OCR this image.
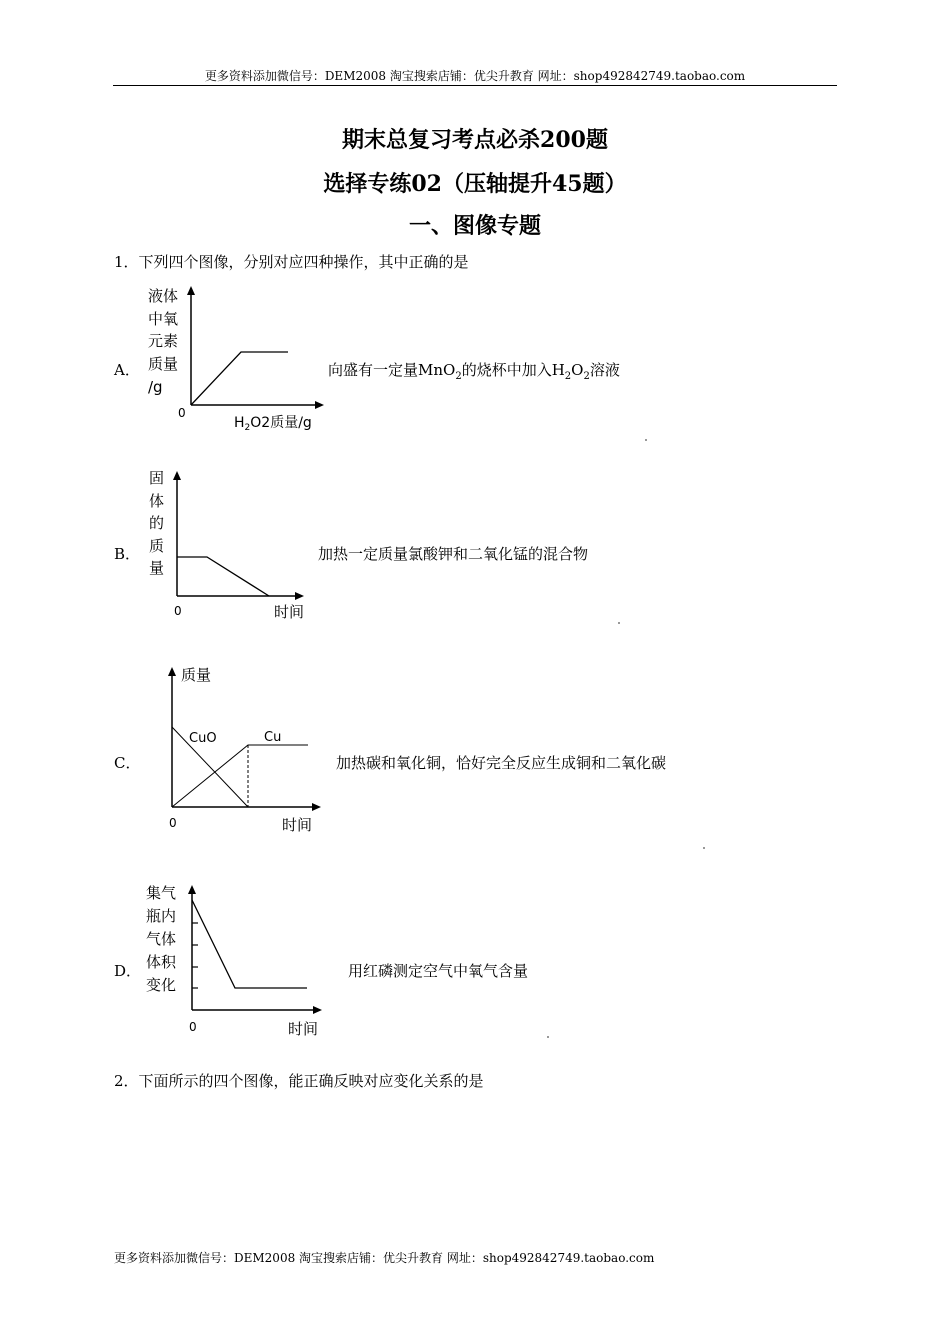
更多资料添加微信号：DEM2008 淘宝搜索店铺：优尖升教育 网址：shop492842749.taobao.com
期末总复习考点必杀200题
选择专练02（压轴提升45题）
一、图像专题
1．下列四个图像，分别对应四种操作，其中正确的是
A．
液体
中氧
元素
质量
/g
0
$H_2O2$质量/g
向盛有一定量MnO$_2$的烧杯中加入$H_2O_2$溶液
B．
固
体
的
质
量
0	时间
加热一定质量氯酸钾和二氧化锰的混合物
C．
质量
CuO	Cu
0	时间
加热碳和氧化铜，恰好完全反应生成铜和二氧化碳
D．
集气
瓶内
气体
体积
变化
0	时间
用红磷测定空气中氧气含量
2．下面所示的四个图像，能正确反映对应变化关系的是
更多资料添加微信号：DEM2008 淘宝搜索店铺：优尖升教育 网址：shop492842749.taobao.com
